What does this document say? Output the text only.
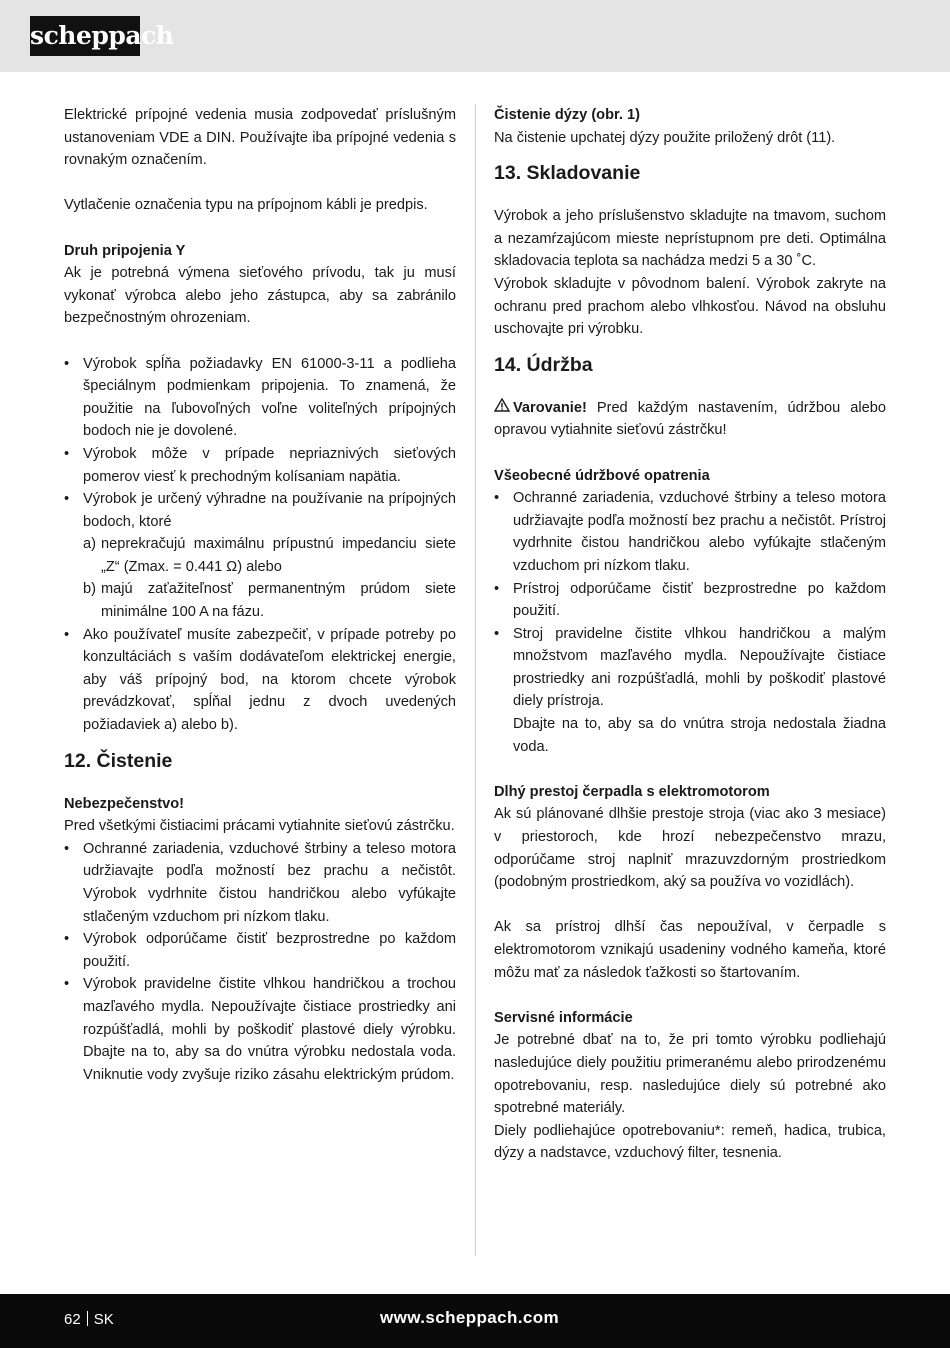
scheppach

Elektrické prípojné vedenia musia zodpovedať príslušným ustanoveniam VDE a DIN. Používajte iba prípojné vedenia s rovnakým označením.

Vytlačenie označenia typu na prípojnom kábli je predpis.

Druh pripojenia Y

Ak je potrebná výmena sieťového prívodu, tak ju musí vykonať výrobca alebo jeho zástupca, aby sa zabránilo bezpečnostným ohrozeniam.

• Výrobok spĺňa požiadavky EN 61000-3-11 a podlieha špeciálnym podmienkam pripojenia. To znamená, že použitie na ľubovoľných voľne voliteľných prípojných bodoch nie je dovolené.
• Výrobok môže v prípade nepriaznivých sieťových pomerov viesť k prechodným kolísaniam napätia.
• Výrobok je určený výhradne na používanie na prípojných bodoch, ktoré
a) neprekračujú maximálnu prípustnú impedanciu siete „Z“ (Zmax. = 0.441 Ω) alebo
b) majú zaťažiteľnosť permanentným prúdom siete minimálne 100 A na fázu.
• Ako používateľ musíte zabezpečiť, v prípade potreby po konzultáciách s vaším dodávateľom elektrickej energie, aby váš prípojný bod, na ktorom chcete výrobok prevádzkovať, spĺňal jednu z dvoch uvedených požiadaviek a) alebo b).
12. Čistenie

Nebezpečenstvo!

Pred všetkými čistiacimi prácami vytiahnite sieťovú zástrčku.

• Ochranné zariadenia, vzduchové štrbiny a teleso motora udržiavajte podľa možností bez prachu a nečistôt. Výrobok vydrhnite čistou handričkou alebo vyfúkajte stlačeným vzduchom pri nízkom tlaku.
• Výrobok odporúčame čistiť bezprostredne po každom použití.
• Výrobok pravidelne čistite vlhkou handričkou a trochou mazľavého mydla. Nepoužívajte čistiace prostriedky ani rozpúšťadlá, mohli by poškodiť plastové diely výrobku. Dbajte na to, aby sa do vnútra výrobku nedostala voda. Vniknutie vody zvyšuje riziko zásahu elektrickým prúdom.

Čistenie dýzy (obr. 1)

Na čistenie upchatej dýzy použite priložený drôt (11).

13. Skladovanie

Výrobok a jeho príslušenstvo skladujte na tmavom, suchom a nezamŕzajúcom mieste neprístupnom pre deti. Optimálna skladovacia teplota sa nachádza medzi 5 a 30 ˚C.

Výrobok skladujte v pôvodnom balení. Výrobok zakryte na ochranu pred prachom alebo vlhkosťou. Návod na obsluhu uschovajte pri výrobku.

14. Údržba

Varovanie! Pred každým nastavením, údržbou alebo opravou vytiahnite sieťovú zástrčku!

Všeobecné údržbové opatrenia

• Ochranné zariadenia, vzduchové štrbiny a teleso motora udržiavajte podľa možností bez prachu a nečistôt. Prístroj vydrhnite čistou handričkou alebo vyfúkajte stlačeným vzduchom pri nízkom tlaku.
• Prístroj odporúčame čistiť bezprostredne po každom použití.
• Stroj pravidelne čistite vlhkou handričkou a malým množstvom mazľavého mydla. Nepoužívajte čistiace prostriedky ani rozpúšťadlá, mohli by poškodiť plastové diely prístroja.

Dbajte na to, aby sa do vnútra stroja nedostala žiadna voda.

Dlhý prestoj čerpadla s elektromotorom

Ak sú plánované dlhšie prestoje stroja (viac ako 3 mesiace) v priestoroch, kde hrozí nebezpečenstvo mrazu, odporúčame stroj naplniť mrazuvzdorným prostriedkom (podobným prostriedkom, aký sa používa vo vozidlách).

Ak sa prístroj dlhší čas nepoužíval, v čerpadle s elektromotorom vznikajú usadeniny vodného kameňa, ktoré môžu mať za následok ťažkosti so štartovaním.

Servisné informácie

Je potrebné dbať na to, že pri tomto výrobku podliehajú nasledujúce diely použitiu primeranému alebo prirodzenému opotrebovaniu, resp. nasledujúce diely sú potrebné ako spotrebné materiály.

Diely podliehajúce opotrebovaniu*: remeň, hadica, trubica, dýzy a nadstavce, vzduchový filter, tesnenia.

62 SK	www.scheppach.com
